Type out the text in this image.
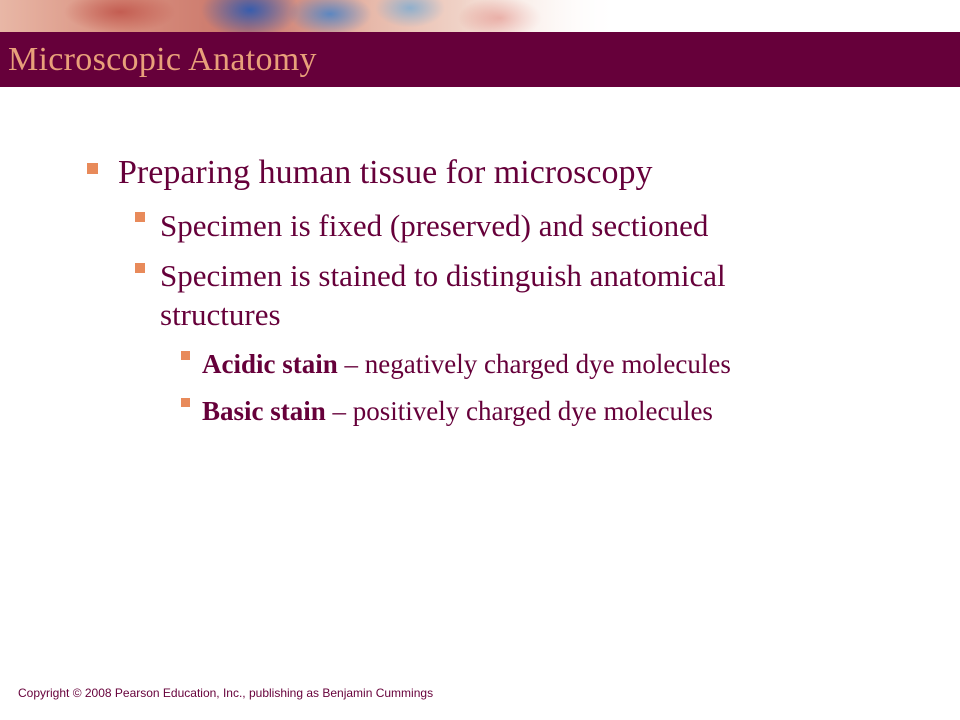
Microscopic Anatomy

Preparing human tissue for microscopy

Specimen is fixed (preserved) and sectioned

Specimen is stained to distinguish anatomical structures

Acidic stain – negatively charged dye molecules

Basic stain – positively charged dye molecules

Copyright © 2008 Pearson Education, Inc., publishing as Benjamin Cummings
